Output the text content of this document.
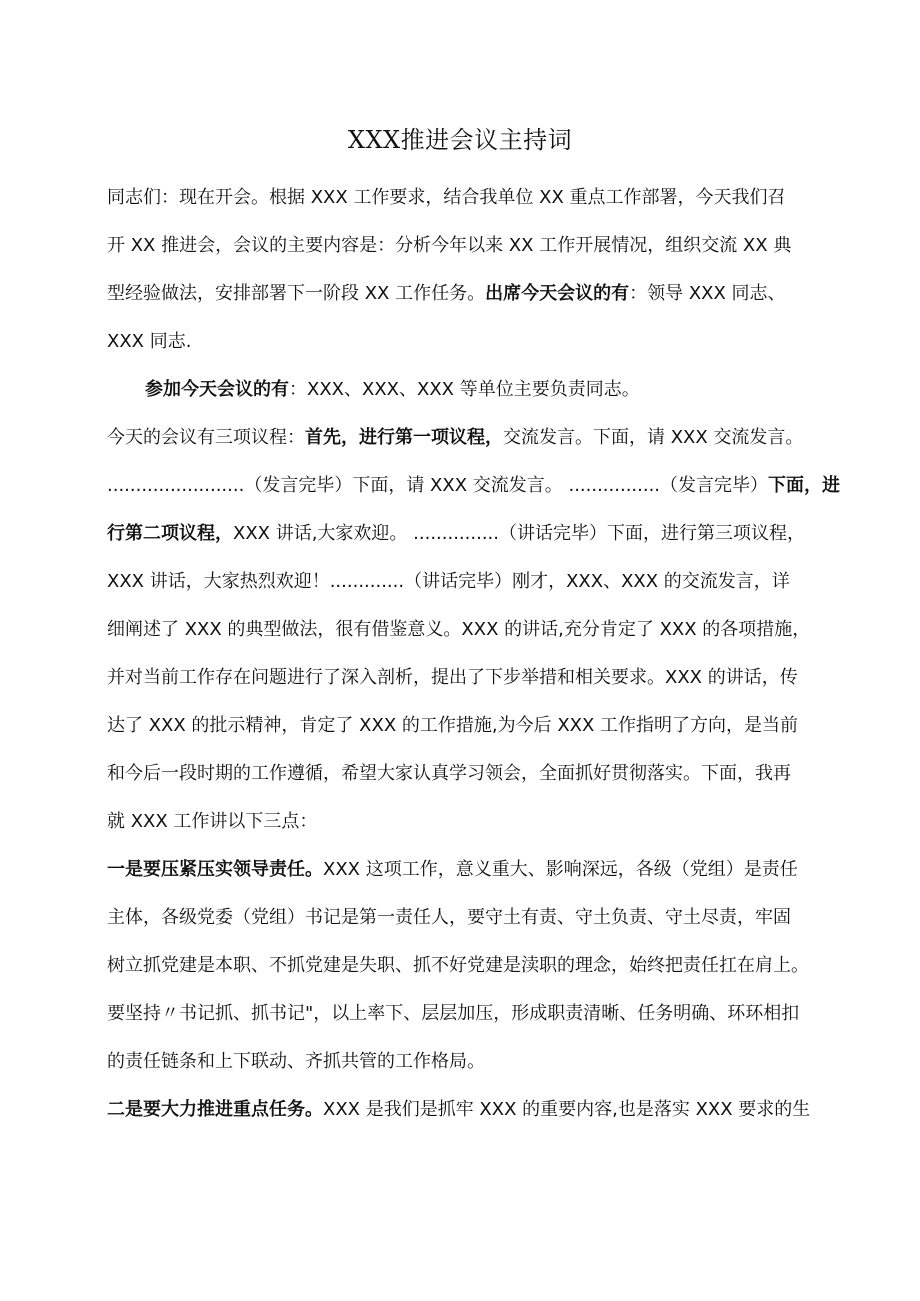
XXX推进会议主持词
同志们：现在开会。根据 XXX 工作要求，结合我单位 XX 重点工作部署，今天我们召
开 XX 推进会，会议的主要内容是：分析今年以来 XX 工作开展情况，组织交流 XX 典
型经验做法，安排部署下一阶段 XX 工作任务。出席今天会议的有：领导 XXX 同志、
XXX 同志.
参加今天会议的有：XXX、XXX、XXX 等单位主要负责同志。
今天的会议有三项议程：首先，进行第一项议程，交流发言。下面，请 XXX 交流发言。
........................（发言完毕）下面，请 XXX 交流发言。 ................（发言完毕）下面，进
行第二项议程，XXX 讲话,大家欢迎。 ...............（讲话完毕）下面，进行第三项议程，
XXX 讲话，大家热烈欢迎！.............（讲话完毕）刚才，XXX、XXX 的交流发言，详
细阐述了 XXX 的典型做法，很有借鉴意义。XXX 的讲话,充分肯定了 XXX 的各项措施，
并对当前工作存在问题进行了深入剖析，提出了下步举措和相关要求。XXX 的讲话，传
达了 XXX 的批示精神，肯定了 XXX 的工作措施,为今后 XXX 工作指明了方向，是当前
和今后一段时期的工作遵循，希望大家认真学习领会，全面抓好贯彻落实。下面，我再
就 XXX 工作讲以下三点：
一是要压紧压实领导责任。XXX 这项工作，意义重大、影响深远，各级（党组）是责任
主体，各级党委（党组）书记是第一责任人，要守土有责、守土负责、守土尽责，牢固
树立抓党建是本职、不抓党建是失职、抓不好党建是渎职的理念，始终把责任扛在肩上。
要坚持〃书记抓、抓书记"，以上率下、层层加压，形成职责清晰、任务明确、环环相扣
的责任链条和上下联动、齐抓共管的工作格局。
二是要大力推进重点任务。XXX 是我们是抓牢 XXX 的重要内容,也是落实 XXX 要求的生
